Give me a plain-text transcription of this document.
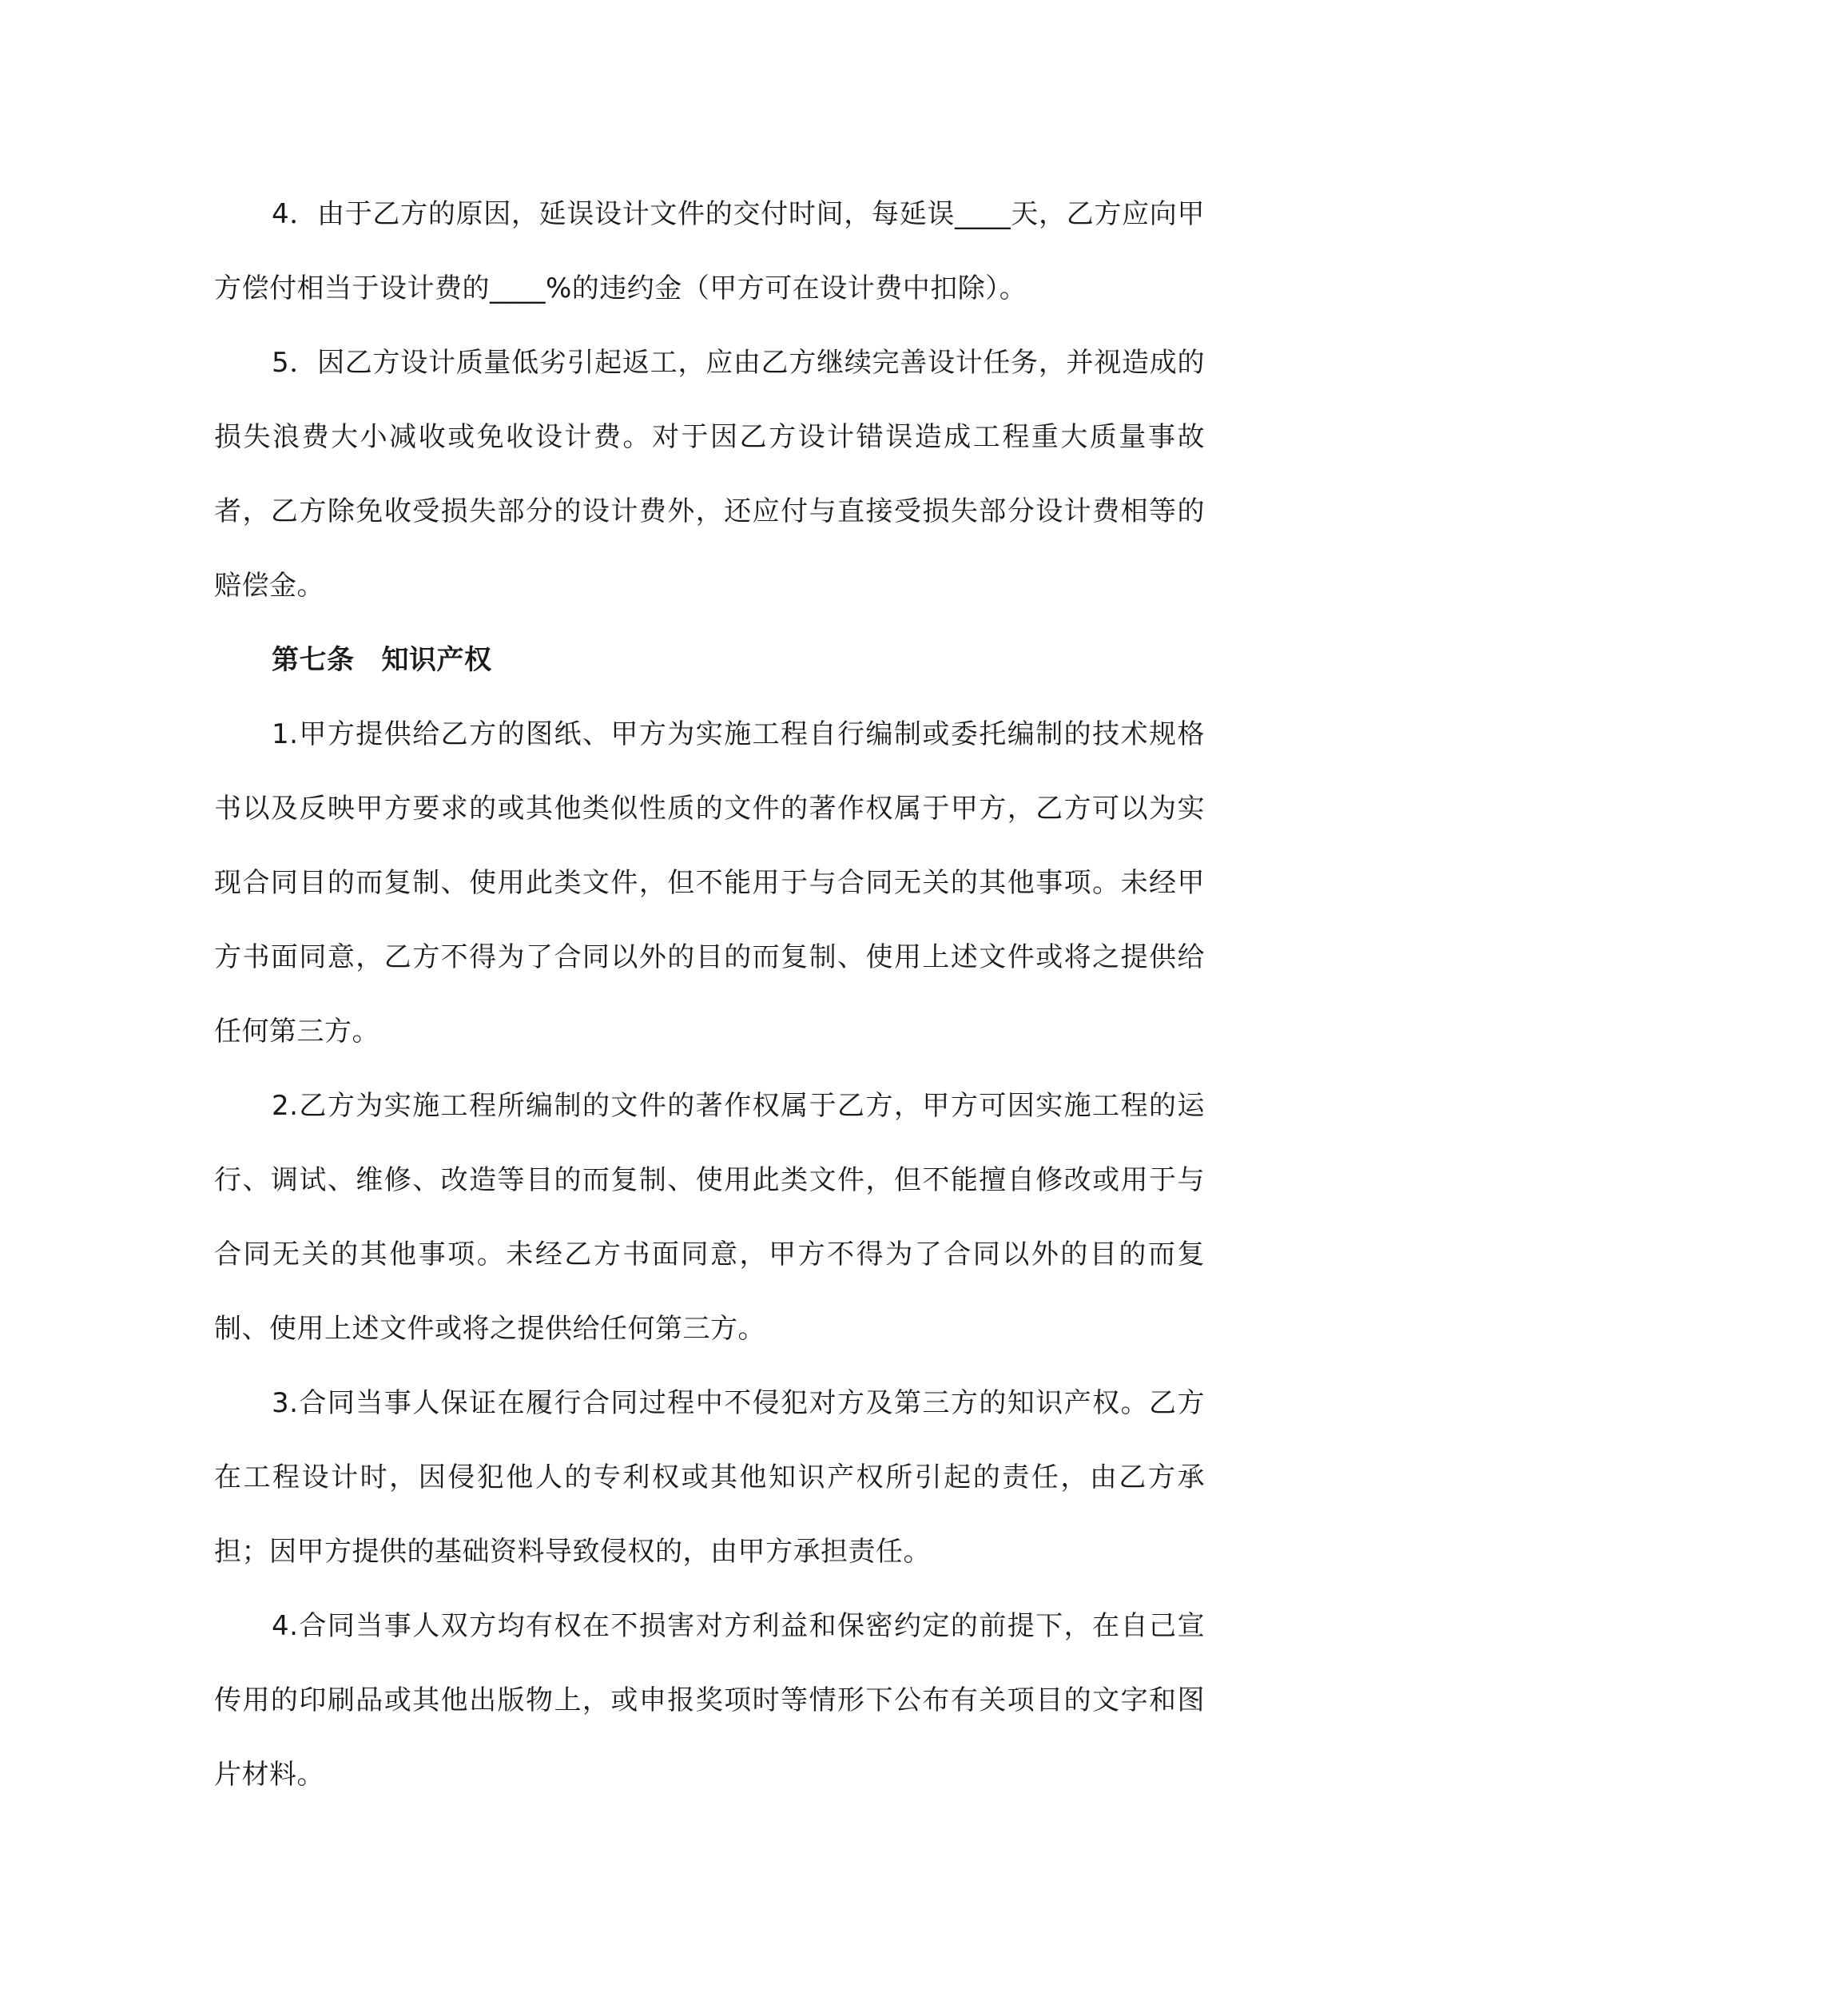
4．由于乙方的原因，延误设计文件的交付时间，每延误____天，乙方应向甲方偿付相当于设计费的____%的违约金（甲方可在设计费中扣除）。

5．因乙方设计质量低劣引起返工，应由乙方继续完善设计任务，并视造成的损失浪费大小减收或免收设计费。对于因乙方设计错误造成工程重大质量事故者，乙方除免收受损失部分的设计费外，还应付与直接受损失部分设计费相等的赔偿金。

第七条 知识产权

1.甲方提供给乙方的图纸、甲方为实施工程自行编制或委托编制的技术规格书以及反映甲方要求的或其他类似性质的文件的著作权属于甲方，乙方可以为实现合同目的而复制、使用此类文件，但不能用于与合同无关的其他事项。未经甲方书面同意，乙方不得为了合同以外的目的而复制、使用上述文件或将之提供给任何第三方。

2.乙方为实施工程所编制的文件的著作权属于乙方，甲方可因实施工程的运行、调试、维修、改造等目的而复制、使用此类文件，但不能擅自修改或用于与合同无关的其他事项。未经乙方书面同意，甲方不得为了合同以外的目的而复制、使用上述文件或将之提供给任何第三方。

3.合同当事人保证在履行合同过程中不侵犯对方及第三方的知识产权。乙方在工程设计时，因侵犯他人的专利权或其他知识产权所引起的责任，由乙方承担；因甲方提供的基础资料导致侵权的，由甲方承担责任。

4.合同当事人双方均有权在不损害对方利益和保密约定的前提下，在自己宣传用的印刷品或其他出版物上，或申报奖项时等情形下公布有关项目的文字和图片材料。
